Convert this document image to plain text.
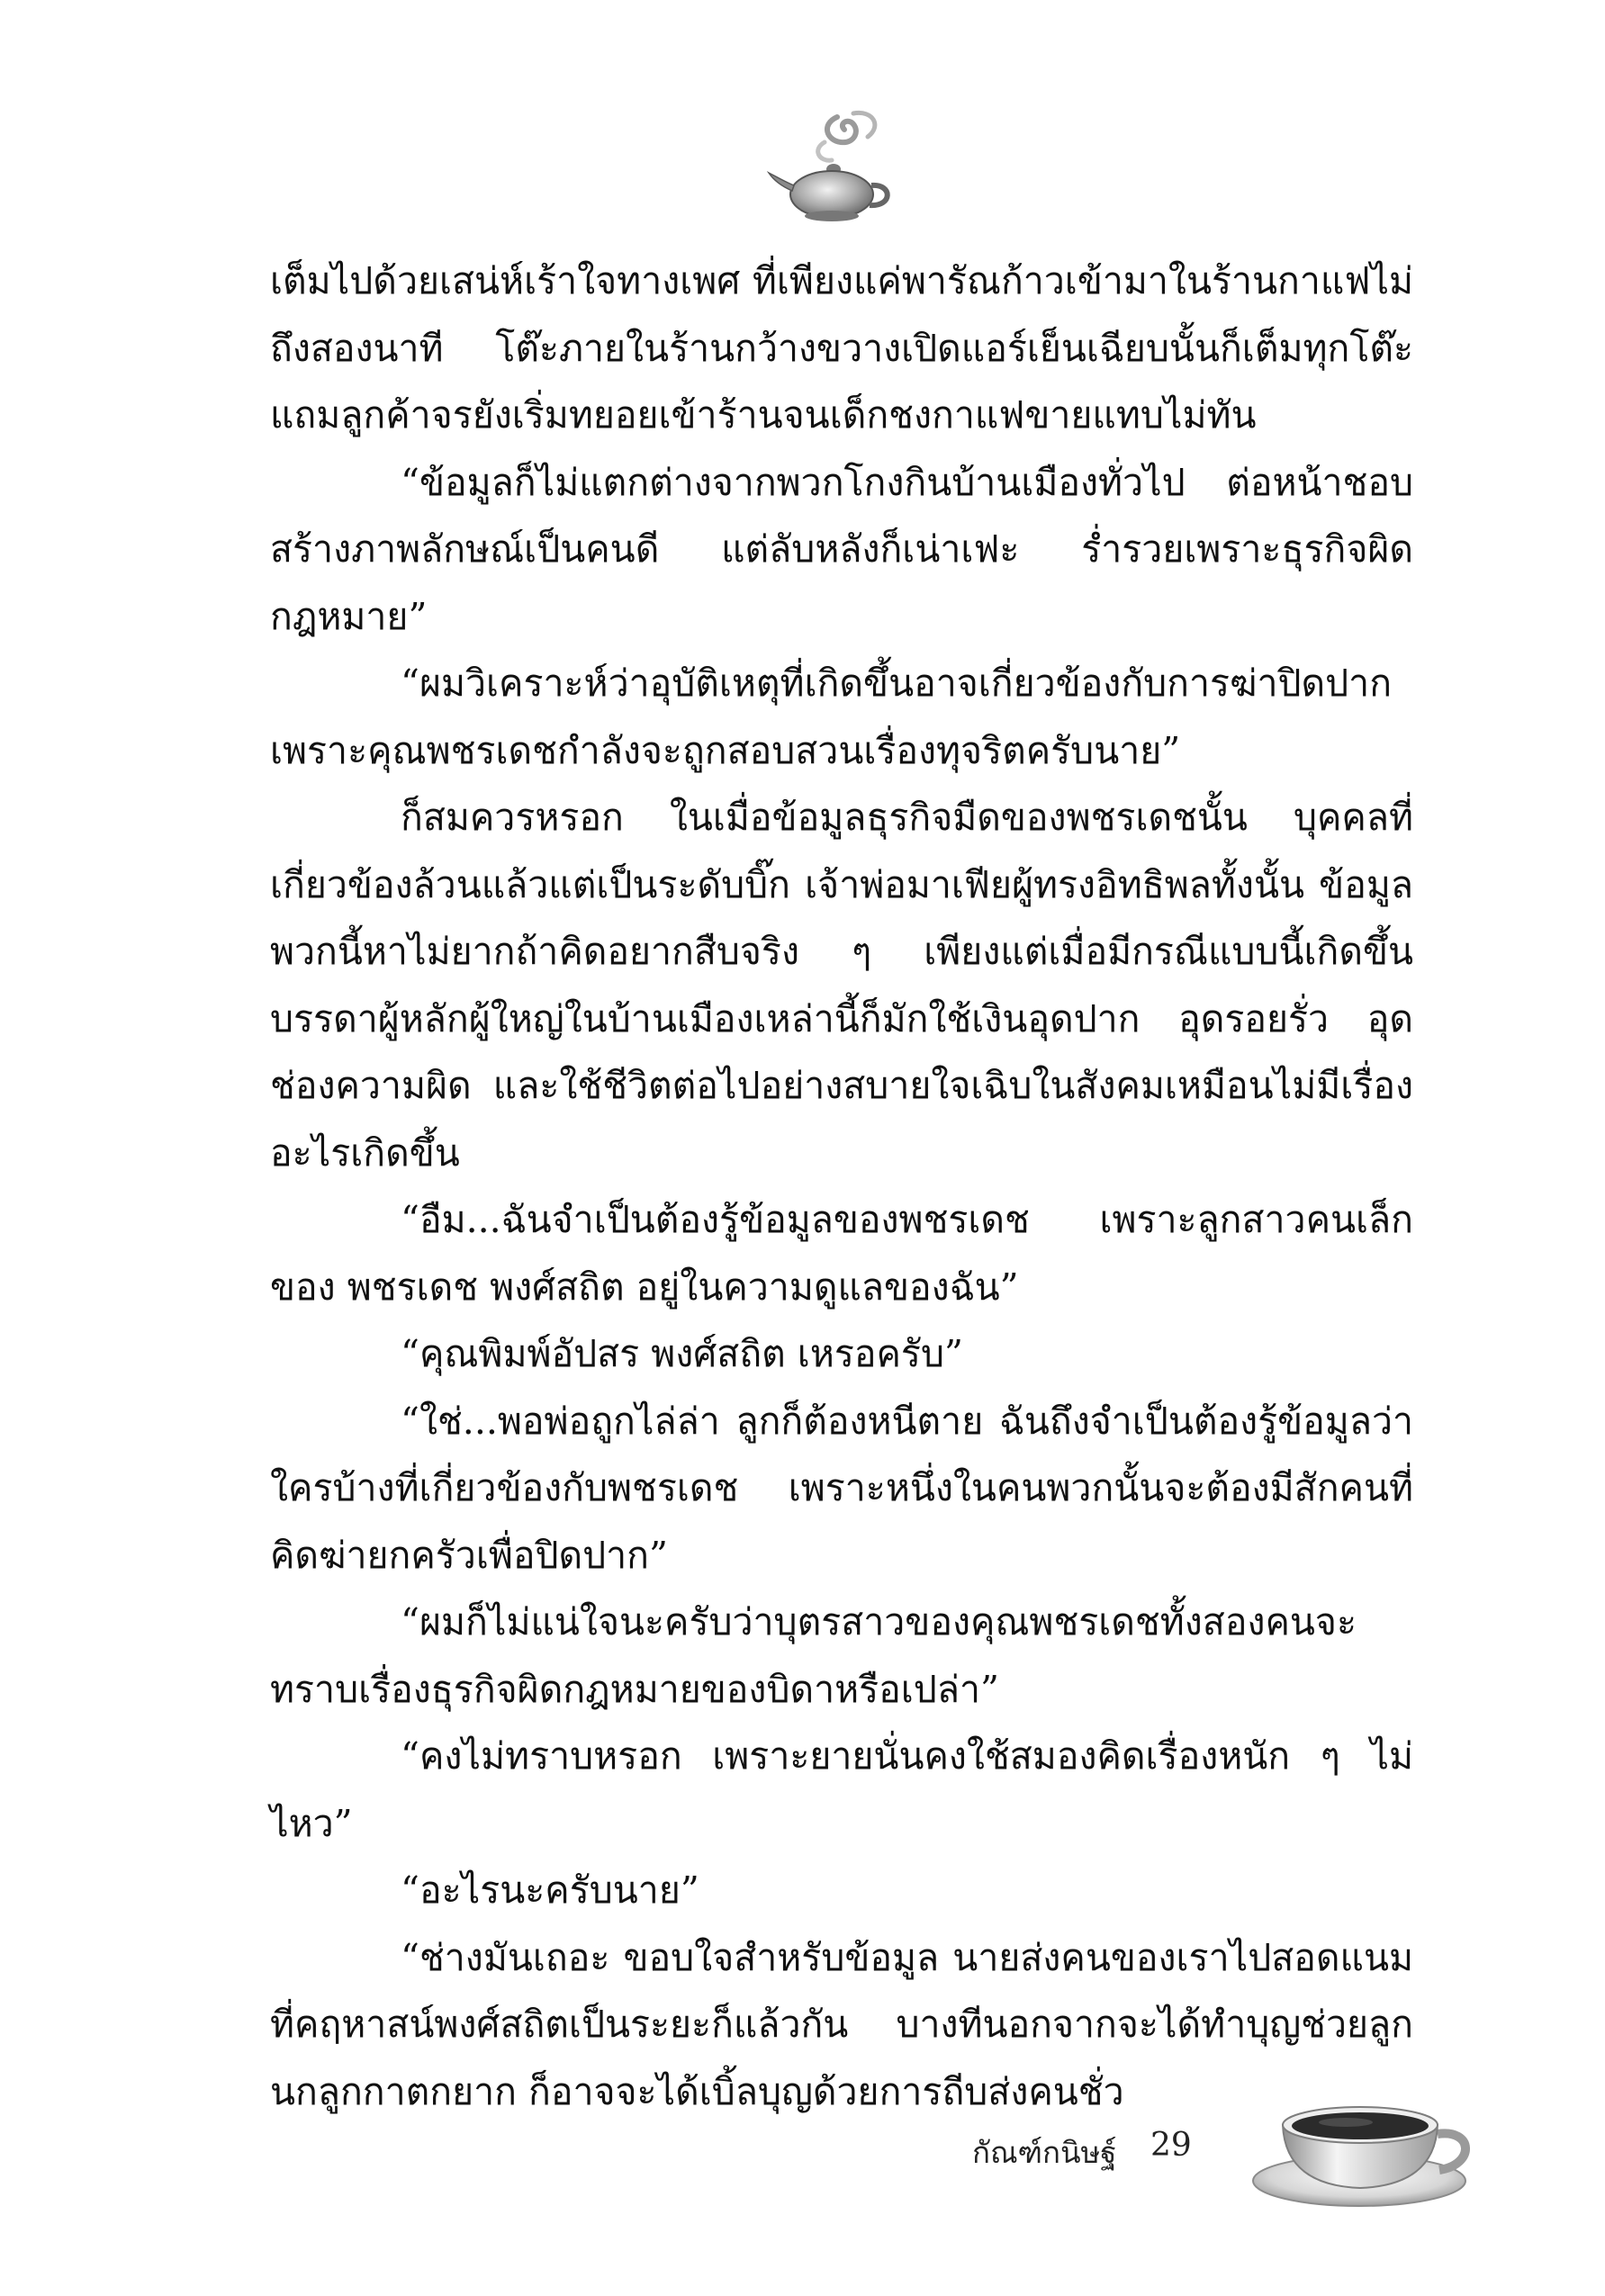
เต็มไปด้วยเสน่ห์เร้าใจทางเพศ ที่เพียงแค่พารัณก้าวเข้ามาในร้านกาแฟไม่ถึงสองนาที โต๊ะภายในร้านกว้างขวางเปิดแอร์เย็นเฉียบนั้นก็เต็มทุกโต๊ะ แถมลูกค้าจรยังเริ่มทยอยเข้าร้านจนเด็กชงกาแฟขายแทบไม่ทัน

“ข้อมูลก็ไม่แตกต่างจากพวกโกงกินบ้านเมืองทั่วไป ต่อหน้าชอบสร้างภาพลักษณ์เป็นคนดี แต่ลับหลังก็เน่าเฟะ ร่ำรวยเพราะธุรกิจผิดกฎหมาย”

“ผมวิเคราะห์ว่าอุบัติเหตุที่เกิดขึ้นอาจเกี่ยวข้องกับการฆ่าปิดปากเพราะคุณพชรเดชกำลังจะถูกสอบสวนเรื่องทุจริตครับนาย”

ก็สมควรหรอก ในเมื่อข้อมูลธุรกิจมืดของพชรเดชนั้น บุคคลที่เกี่ยวข้องล้วนแล้วแต่เป็นระดับบิ๊ก เจ้าพ่อมาเฟียผู้ทรงอิทธิพลทั้งนั้น ข้อมูลพวกนี้หาไม่ยากถ้าคิดอยากสืบจริง ๆ เพียงแต่เมื่อมีกรณีแบบนี้เกิดขึ้น บรรดาผู้หลักผู้ใหญ่ในบ้านเมืองเหล่านี้ก็มักใช้เงินอุดปาก อุดรอยรั่ว อุดช่องความผิด และใช้ชีวิตต่อไปอย่างสบายใจเฉิบในสังคมเหมือนไม่มีเรื่องอะไรเกิดขึ้น

“อืม...ฉันจำเป็นต้องรู้ข้อมูลของพชรเดช เพราะลูกสาวคนเล็กของ พชรเดช พงศ์สถิต อยู่ในความดูแลของฉัน”

“คุณพิมพ์อัปสร พงศ์สถิต เหรอครับ”

“ใช่...พอพ่อถูกไล่ล่า ลูกก็ต้องหนีตาย ฉันถึงจำเป็นต้องรู้ข้อมูลว่าใครบ้างที่เกี่ยวข้องกับพชรเดช เพราะหนึ่งในคนพวกนั้นจะต้องมีสักคนที่คิดฆ่ายกครัวเพื่อปิดปาก”

“ผมก็ไม่แน่ใจนะครับว่าบุตรสาวของคุณพชรเดชทั้งสองคนจะทราบเรื่องธุรกิจผิดกฎหมายของบิดาหรือเปล่า”

“คงไม่ทราบหรอก เพราะยายนั่นคงใช้สมองคิดเรื่องหนัก ๆ ไม่ไหว”

“อะไรนะครับนาย”

“ช่างมันเถอะ ขอบใจสำหรับข้อมูล นายส่งคนของเราไปสอดแนมที่คฤหาสน์พงศ์สถิตเป็นระยะก็แล้วกัน บางทีนอกจากจะได้ทำบุญช่วยลูกนกลูกกาตกยาก ก็อาจจะได้เบิ้ลบุญด้วยการถีบส่งคนชั่ว

กัณฑ์กนิษฐ์ 29
